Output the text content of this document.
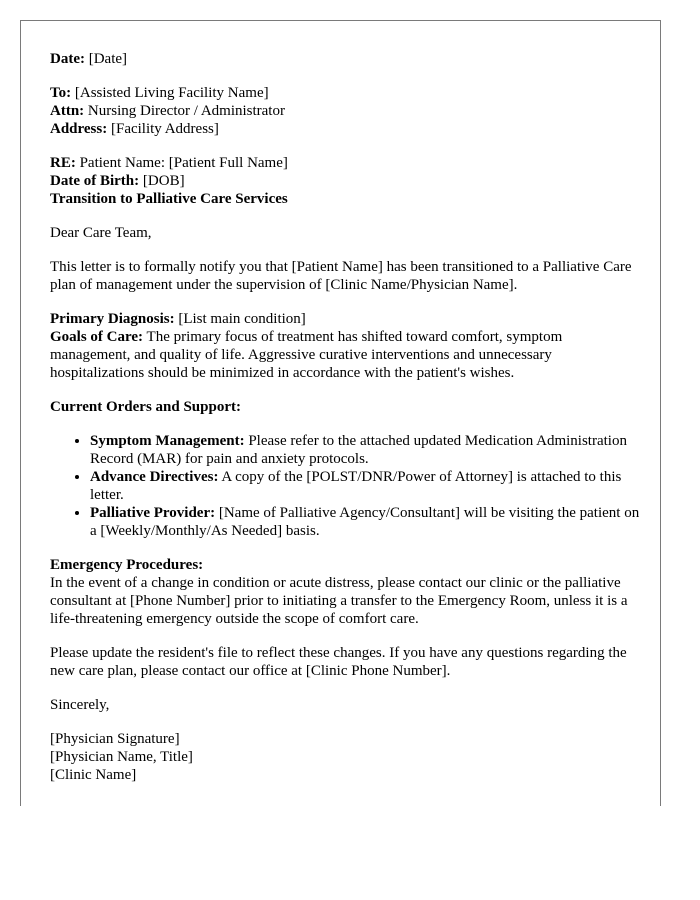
Date: [Date]

To: [Assisted Living Facility Name]
Attn: Nursing Director / Administrator
Address: [Facility Address]

RE: Patient Name: [Patient Full Name]
Date of Birth: [DOB]
Transition to Palliative Care Services

Dear Care Team,

This letter is to formally notify you that [Patient Name] has been transitioned to a Palliative Care plan of management under the supervision of [Clinic Name/Physician Name].

Primary Diagnosis: [List main condition]
Goals of Care: The primary focus of treatment has shifted toward comfort, symptom management, and quality of life. Aggressive curative interventions and unnecessary hospitalizations should be minimized in accordance with the patient's wishes.

Current Orders and Support:

• Symptom Management: Please refer to the attached updated Medication Administration Record (MAR) for pain and anxiety protocols.
• Advance Directives: A copy of the [POLST/DNR/Power of Attorney] is attached to this letter.
• Palliative Provider: [Name of Palliative Agency/Consultant] will be visiting the patient on a [Weekly/Monthly/As Needed] basis.

Emergency Procedures:
In the event of a change in condition or acute distress, please contact our clinic or the palliative consultant at [Phone Number] prior to initiating a transfer to the Emergency Room, unless it is a life-threatening emergency outside the scope of comfort care.

Please update the resident's file to reflect these changes. If you have any questions regarding the new care plan, please contact our office at [Clinic Phone Number].

Sincerely,

[Physician Signature]
[Physician Name, Title]
[Clinic Name]
